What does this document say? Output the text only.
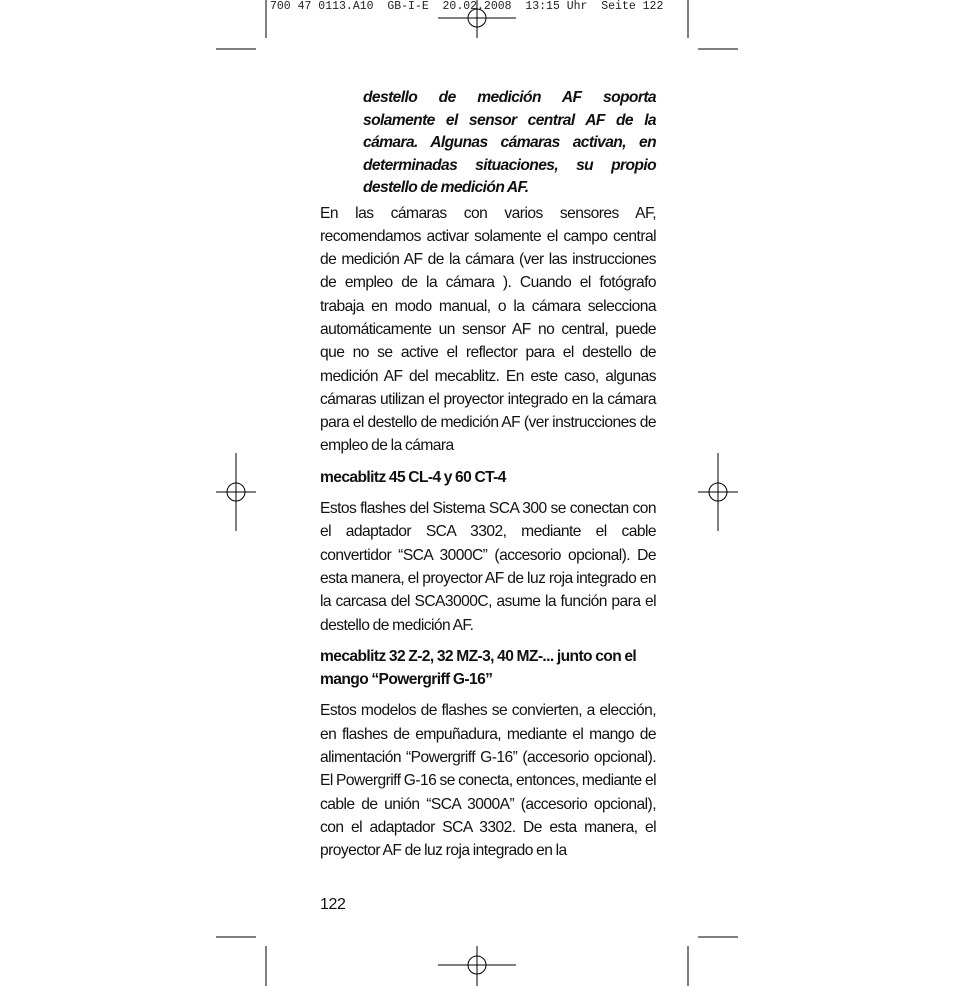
700 47 0113.A10  GB-I-E  20.02.2008  13:15 Uhr  Seite 122

destello de medición AF soporta solamente el sensor central AF de la cámara. Algunas cámaras activan, en determinadas situaciones, su propio destello de medición AF.

En las cámaras con varios sensores AF, recomendamos activar solamente el campo central de medición AF de la cámara (ver las instrucciones de empleo de la cámara ). Cuando el fotógrafo trabaja en modo manual, o la cámara selecciona automáticamente un sensor AF no central, puede que no se active el reflector para el destello de medición AF del mecablitz. En este caso, algunas cámaras utilizan el proyector integrado en la cámara para el destello de medición AF (ver instrucciones de empleo de la cámara

mecablitz 45 CL-4 y 60 CT-4

Estos flashes del Sistema SCA 300 se conectan con el adaptador SCA 3302, mediante el cable convertidor “SCA 3000C” (accesorio opcional). De esta manera, el proyector AF de luz roja integrado en la carcasa del SCA3000C, asume la función para el destello de medición AF.

mecablitz 32 Z-2, 32 MZ-3, 40 MZ-... junto con el mango “Powergriff G-16”

Estos modelos de flashes se convierten, a elección, en flashes de empuñadura, mediante el mango de alimentación “Powergriff G-16” (accesorio opcional). El Powergriff G-16 se conecta, entonces, mediante el cable de unión “SCA 3000A” (accesorio opcional), con el adaptador SCA 3302. De esta manera, el proyector AF de luz roja integrado en la

122
